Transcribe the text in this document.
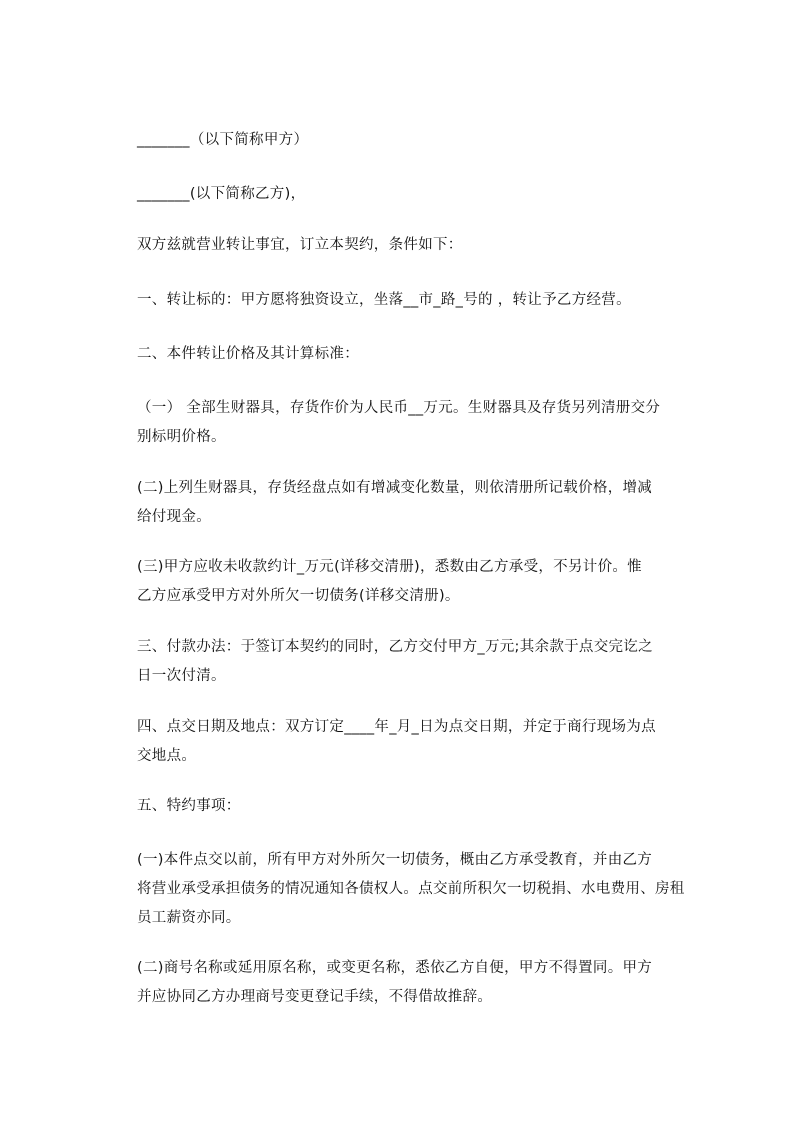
_______（以下简称甲方）
_______(以下简称乙方)，
双方兹就营业转让事宜，订立本契约，条件如下：
一、转让标的：甲方愿将独资设立，坐落__市_路_号的 ，转让予乙方经营。
二、本件转让价格及其计算标准：
（一） 全部生财器具，存货作价为人民币__万元。生财器具及存货另列清册交分
别标明价格。
(二)上列生财器具，存货经盘点如有增减变化数量，则依清册所记载价格，增减
给付现金。
(三)甲方应收未收款约计_万元(详移交清册)，悉数由乙方承受，不另计价。惟
乙方应承受甲方对外所欠一切债务(详移交清册)。
三、付款办法：于签订本契约的同时，乙方交付甲方_万元;其余款于点交完讫之
日一次付清。
四、点交日期及地点：双方订定____年_月_日为点交日期，并定于商行现场为点
交地点。
五、特约事项：
(一)本件点交以前，所有甲方对外所欠一切债务，概由乙方承受教育，并由乙方
将营业承受承担债务的情况通知各债权人。点交前所积欠一切税捐、水电费用、房租
员工薪资亦同。
(二)商号名称或延用原名称，或变更名称，悉依乙方自便，甲方不得置同。甲方
并应协同乙方办理商号变更登记手续，不得借故推辞。
